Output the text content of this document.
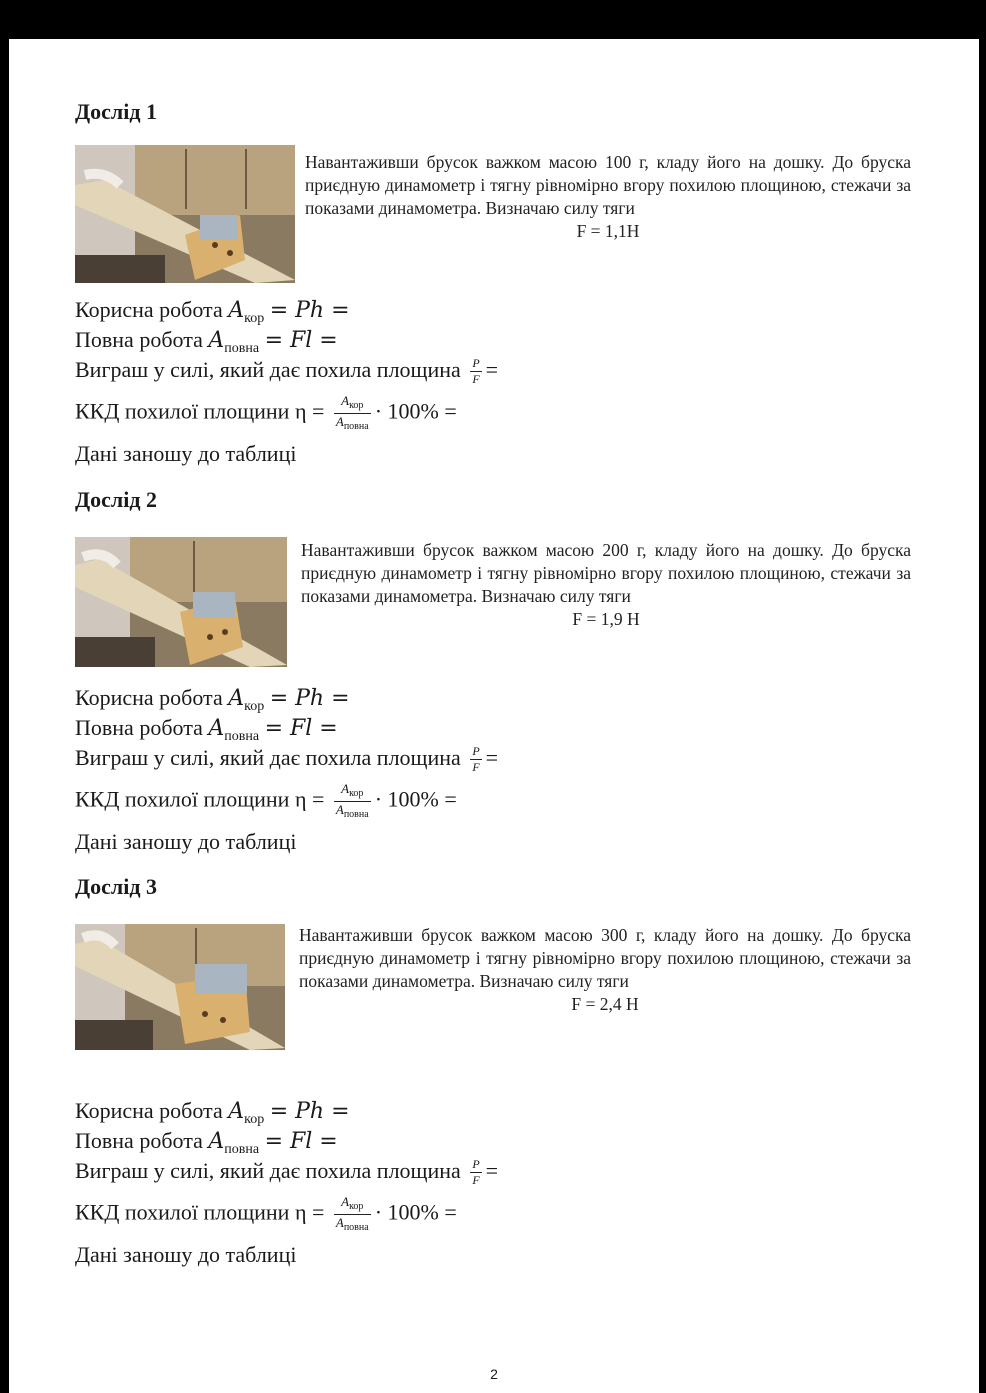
Дослід 1
Навантаживши брусок важком масою 100 г, кладу його на дошку. До бруска приєдную динамометр і тягну рівномірно вгору похилою площиною, стежачи за показами динамометра. Визначаю силу тяги
F = 1,1Н
Корисна робота $A_{кор} = Ph$ =
Повна робота $A_{повна} = Fl$ =
Виграш у силі, який дає похила площина $\frac{P}{F}$ =
ККД похилої площини $\eta = \frac{A_{кор}}{A_{повна}} \cdot 100\%$ =
Дані заношу до таблиці
Дослід 2
Навантаживши брусок важком масою 200 г, кладу його на дошку. До бруска приєдную динамометр і тягну рівномірно вгору похилою площиною, стежачи за показами динамометра. Визначаю силу тяги
F = 1,9 Н
Корисна робота $A_{кор} = Ph$ =
Повна робота $A_{повна} = Fl$ =
Виграш у силі, який дає похила площина $\frac{P}{F}$ =
ККД похилої площини $\eta = \frac{A_{кор}}{A_{повна}} \cdot 100\%$ =
Дані заношу до таблиці
Дослід 3
Навантаживши брусок важком масою 300 г, кладу його на дошку. До бруска приєдную динамометр і тягну рівномірно вгору похилою площиною, стежачи за показами динамометра. Визначаю силу тяги
F = 2,4 Н
Корисна робота $A_{кор} = Ph$ =
Повна робота $A_{повна} = Fl$ =
Виграш у силі, який дає похила площина $\frac{P}{F}$ =
ККД похилої площини $\eta = \frac{A_{кор}}{A_{повна}} \cdot 100\%$ =
Дані заношу до таблиці
2
